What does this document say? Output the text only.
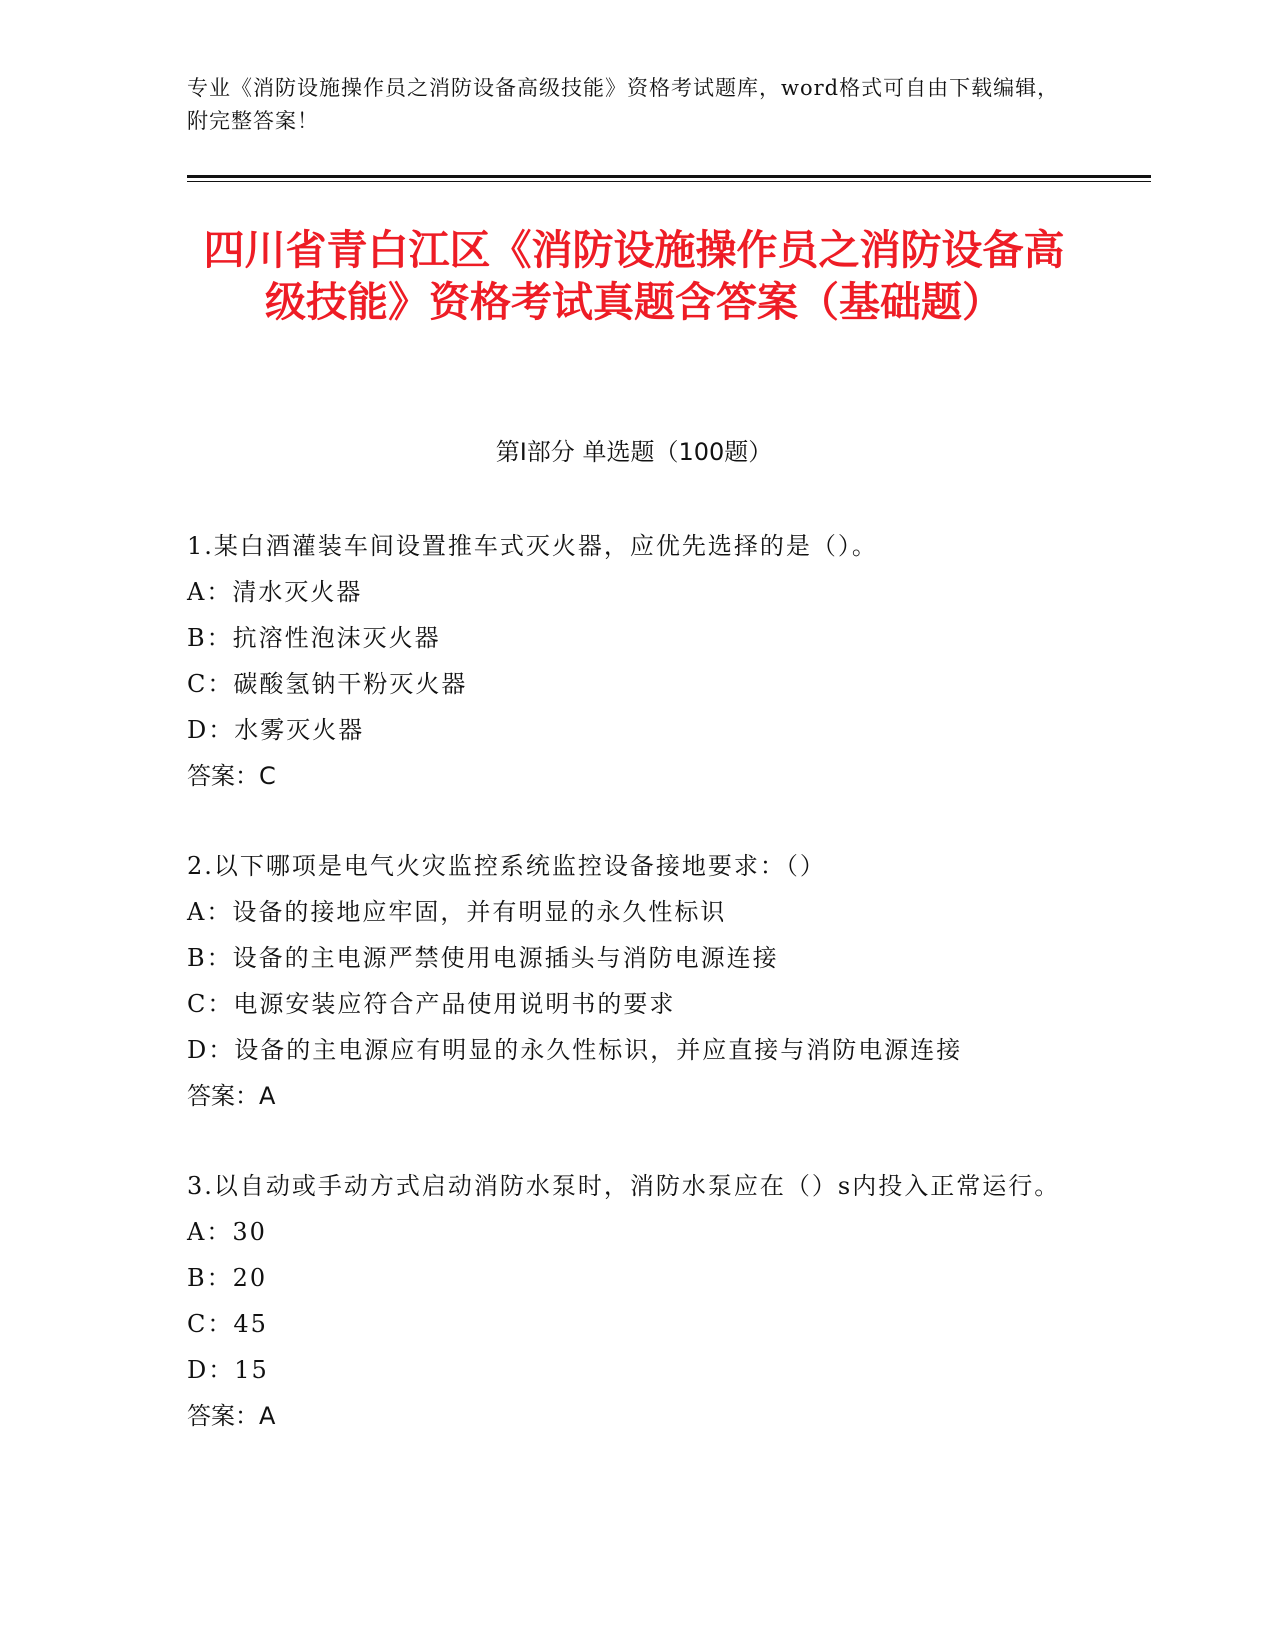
专业《消防设施操作员之消防设备高级技能》资格考试题库，word格式可自由下载编辑，附完整答案！
四川省青白江区《消防设施操作员之消防设备高级技能》资格考试真题含答案（基础题）
第Ⅰ部分 单选题（100题）

1.某白酒灌装车间设置推车式灭火器，应优先选择的是（）。

A：清水灭火器

B：抗溶性泡沫灭火器

C：碳酸氢钠干粉灭火器

D：水雾灭火器

答案：C

2.以下哪项是电气火灾监控系统监控设备接地要求：（）

A：设备的接地应牢固，并有明显的永久性标识

B：设备的主电源严禁使用电源插头与消防电源连接

C：电源安装应符合产品使用说明书的要求

D：设备的主电源应有明显的永久性标识，并应直接与消防电源连接

答案：A

3.以自动或手动方式启动消防水泵时，消防水泵应在（）s内投入正常运行。

A：30

B：20

C：45

D：15

答案：A
